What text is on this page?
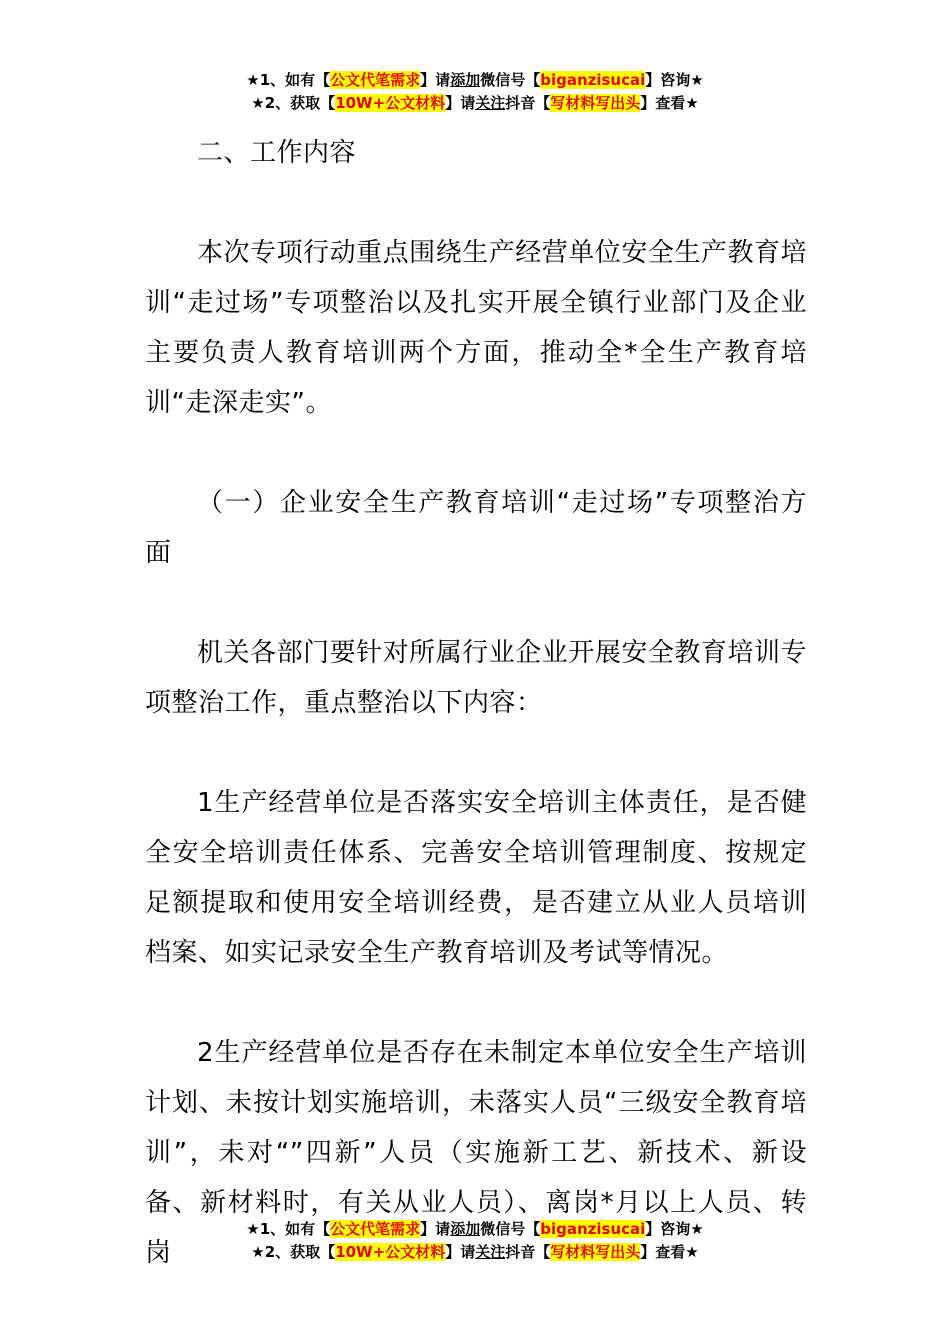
★1、如有【公文代笔需求】请添加微信号【biganzisucai】咨询★
★2、获取【10W+公文材料】请关注抖音【写材料写出头】查看★

二、工作内容

本次专项行动重点围绕生产经营单位安全生产教育培训“走过场”专项整治以及扎实开展全镇行业部门及企业主要负责人教育培训两个方面，推动全*全生产教育培训“走深走实”。

（一）企业安全生产教育培训“走过场”专项整治方面

机关各部门要针对所属行业企业开展安全教育培训专项整治工作，重点整治以下内容：

1生产经营单位是否落实安全培训主体责任，是否健全安全培训责任体系、完善安全培训管理制度、按规定足额提取和使用安全培训经费，是否建立从业人员培训档案、如实记录安全生产教育培训及考试等情况。

2生产经营单位是否存在未制定本单位安全生产培训计划、未按计划实施培训，未落实人员“三级安全教育培训”，未对“”四新”人员（实施新工艺、新技术、新设备、新材料时，有关从业人员）、离岗*月以上人员、转岗

★1、如有【公文代笔需求】请添加微信号【biganzisucai】咨询★
★2、获取【10W+公文材料】请关注抖音【写材料写出头】查看★
